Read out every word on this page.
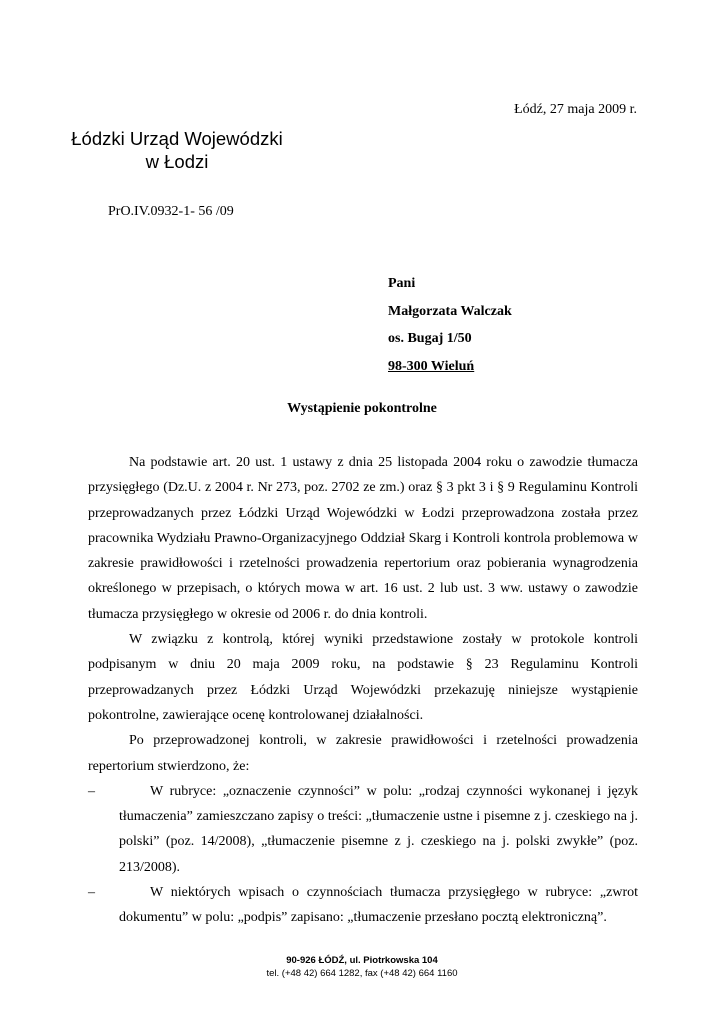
Łódź, 27 maja 2009 r.
Łódzki Urząd Wojewódzki
w Łodzi
PrO.IV.0932-1- 56 /09
Pani
Małgorzata Walczak
os. Bugaj 1/50
98-300 Wieluń
Wystąpienie pokontrolne

Na podstawie art. 20 ust. 1 ustawy z dnia 25 listopada 2004 roku o zawodzie tłumacza przysięgłego (Dz.U. z 2004 r. Nr 273, poz. 2702 ze zm.) oraz § 3 pkt 3 i § 9 Regulaminu Kontroli przeprowadzanych przez Łódzki Urząd Wojewódzki w Łodzi przeprowadzona została przez pracownika Wydziału Prawno-Organizacyjnego Oddział Skarg i Kontroli kontrola problemowa w zakresie prawidłowości i rzetelności prowadzenia repertorium oraz pobierania wynagrodzenia określonego w przepisach, o których mowa w art. 16 ust. 2 lub ust. 3 ww. ustawy o zawodzie tłumacza przysięgłego w okresie od 2006 r. do dnia kontroli.

W związku z kontrolą, której wyniki przedstawione zostały w protokole kontroli podpisanym w dniu 20 maja 2009 roku, na podstawie § 23 Regulaminu Kontroli przeprowadzanych przez Łódzki Urząd Wojewódzki przekazuję niniejsze wystąpienie pokontrolne, zawierające ocenę kontrolowanej działalności.

Po przeprowadzonej kontroli, w zakresie prawidłowości i rzetelności prowadzenia repertorium stwierdzono, że:

–	W rubryce: „oznaczenie czynności” w polu: „rodzaj czynności wykonanej i język tłumaczenia” zamieszczano zapisy o treści: „tłumaczenie ustne i pisemne z j. czeskiego na j. polski” (poz. 14/2008), „tłumaczenie pisemne z j. czeskiego na j. polski zwykłe” (poz. 213/2008).
–	W niektórych wpisach o czynnościach tłumacza przysięgłego w rubryce: „zwrot dokumentu” w polu: „podpis” zapisano: „tłumaczenie przesłano pocztą elektroniczną”.
90-926 ŁÓDŹ, ul. Piotrkowska 104
tel. (+48 42) 664 1282, fax (+48 42) 664 1160
